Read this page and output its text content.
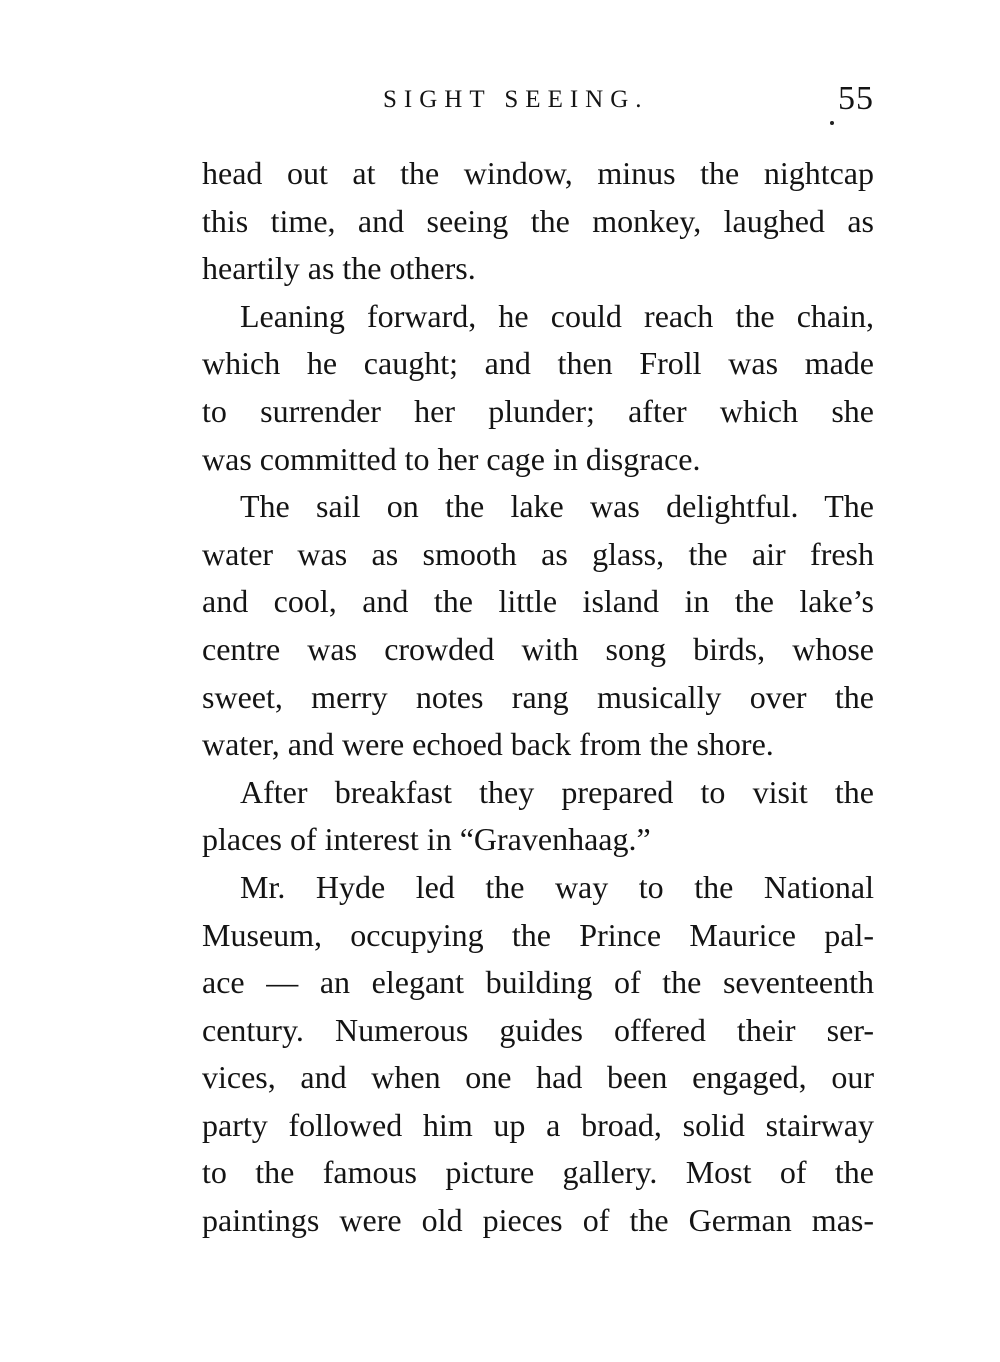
SIGHT SEEING.	55
head out at the window, minus the nightcap
this time, and seeing the monkey, laughed as
heartily as the others.
Leaning forward, he could reach the chain,
which he caught; and then Froll was made
to surrender her plunder; after which she
was committed to her cage in disgrace.
The sail on the lake was delightful. The
water was as smooth as glass, the air fresh
and cool, and the little island in the lake’s
centre was crowded with song birds, whose
sweet, merry notes rang musically over the
water, and were echoed back from the shore.
After breakfast they prepared to visit the
places of interest in “Gravenhaag.”
Mr. Hyde led the way to the National
Museum, occupying the Prince Maurice pal-
ace — an elegant building of the seventeenth
century. Numerous guides offered their ser-
vices, and when one had been engaged, our
party followed him up a broad, solid stairway
to the famous picture gallery. Most of the
paintings were old pieces of the German mas-
